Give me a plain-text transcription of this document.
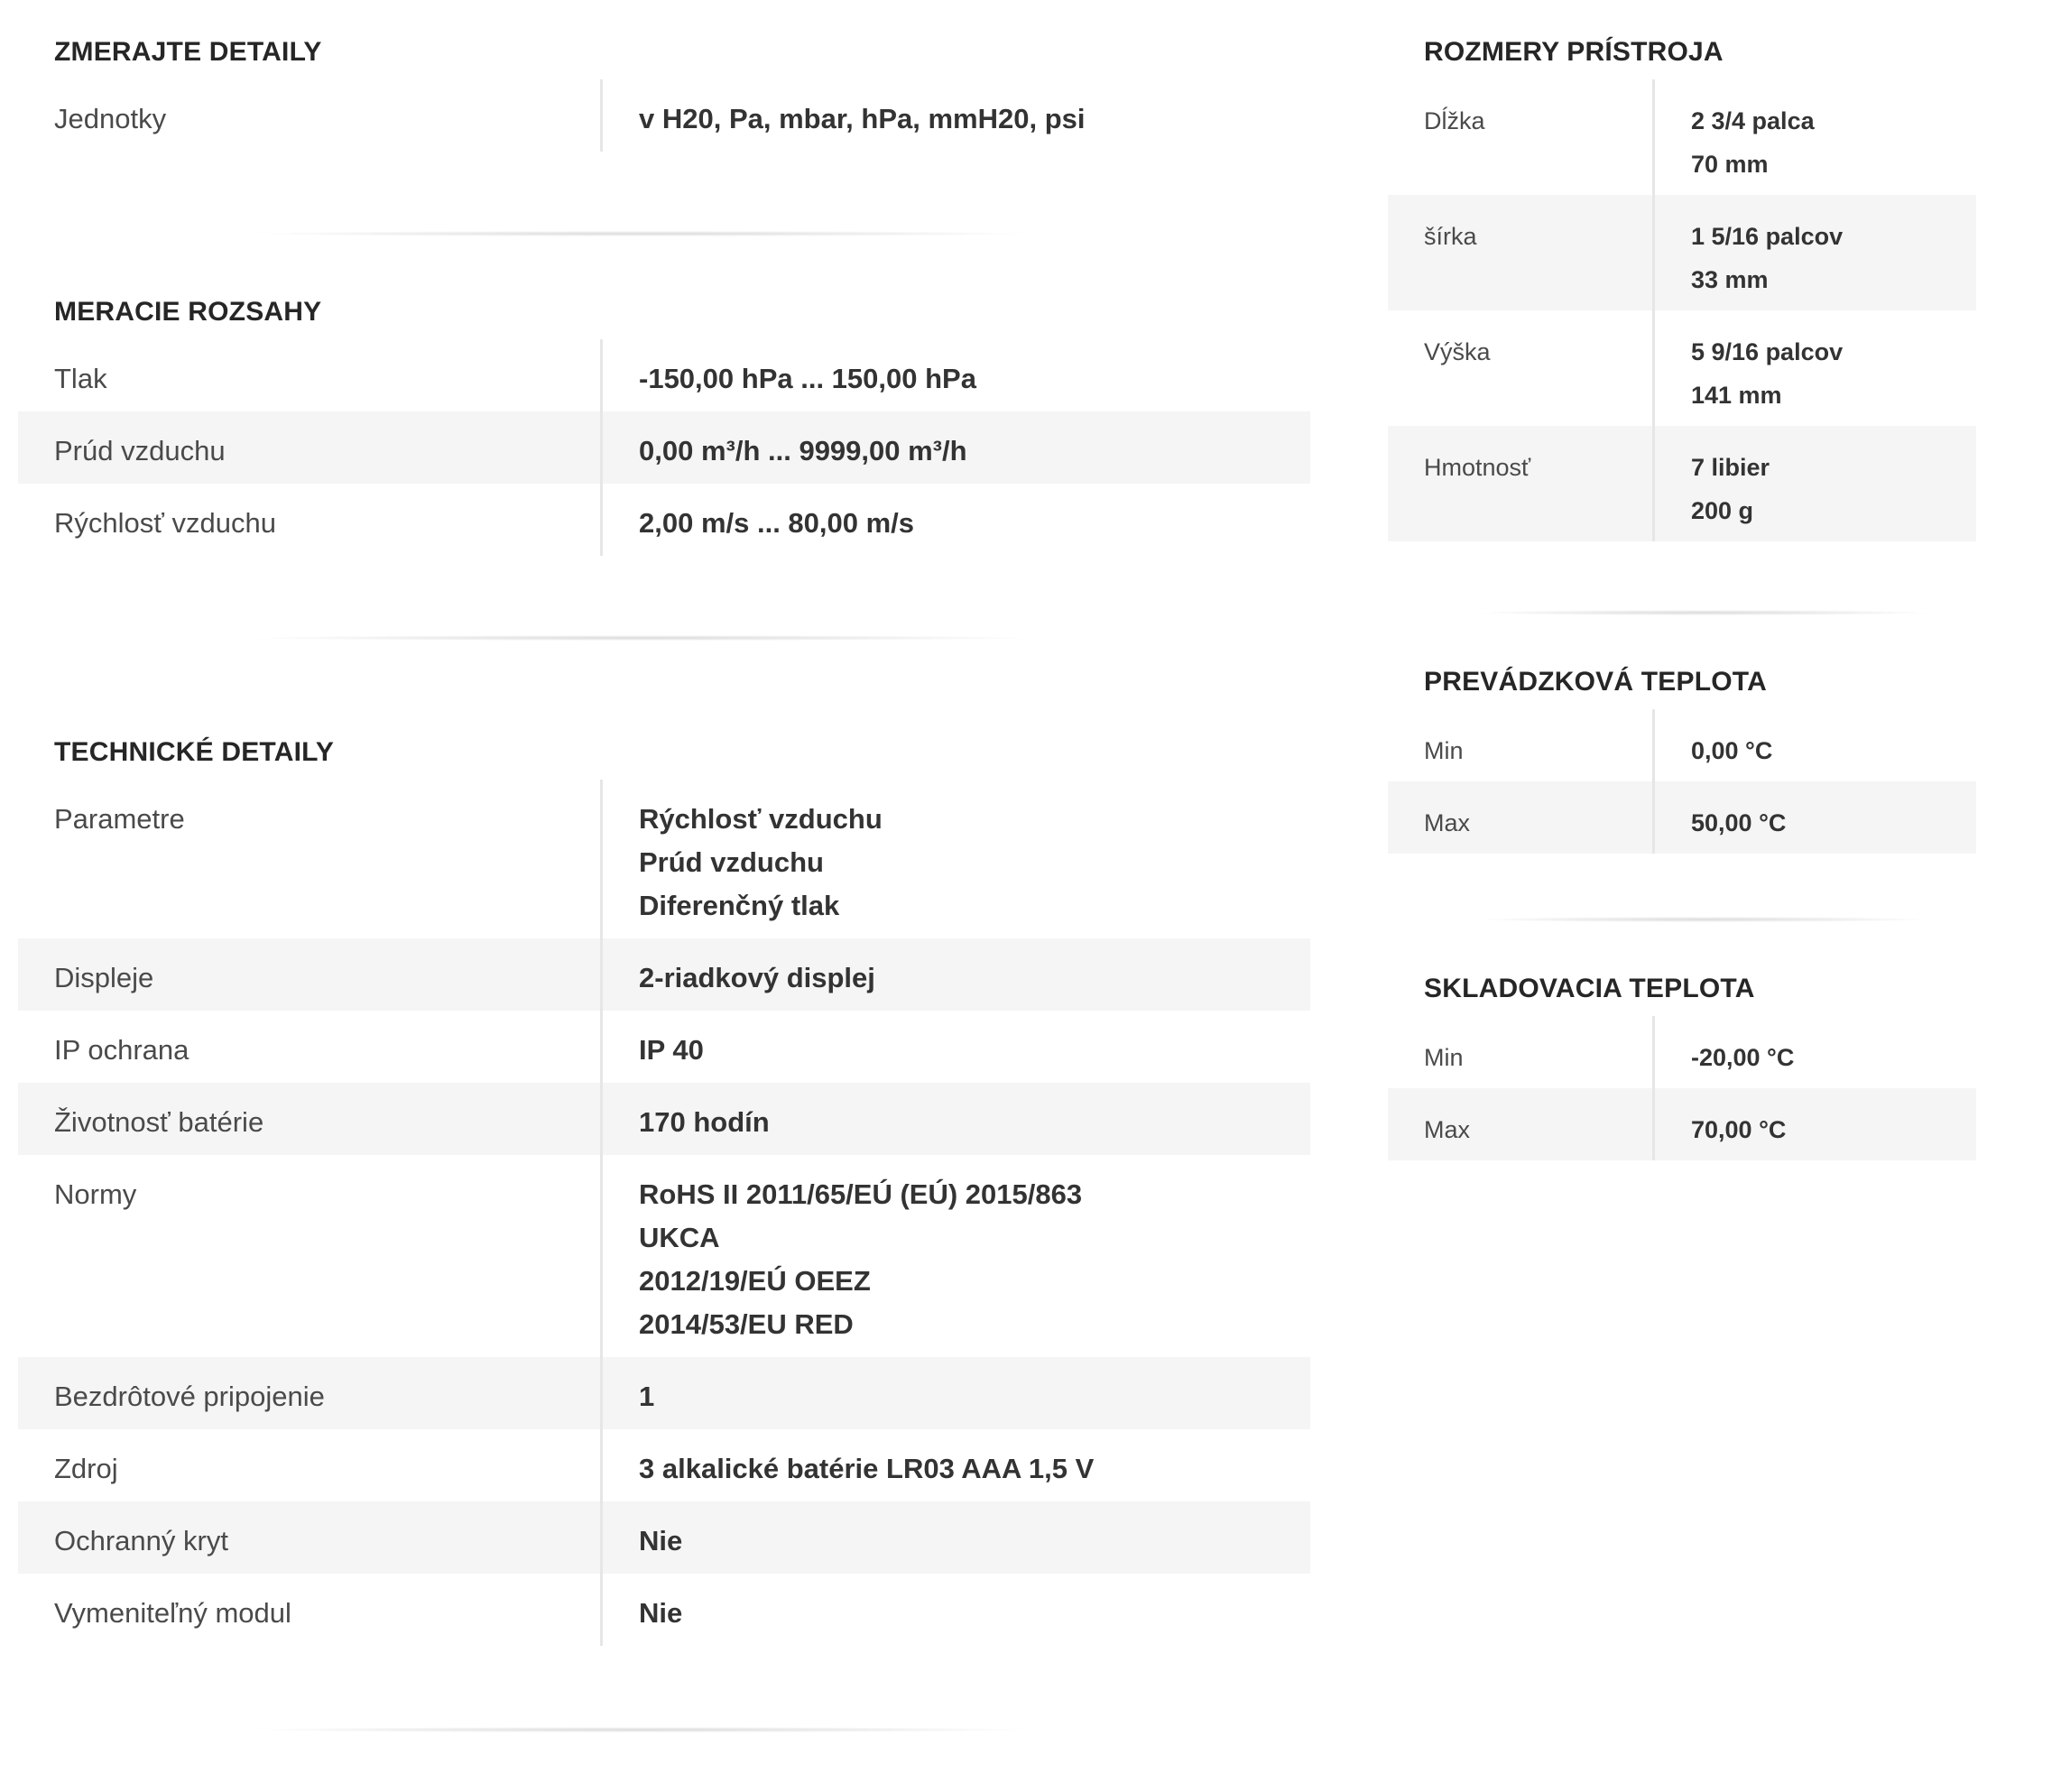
ZMERAJTE DETAILY
Jednotky	v H20, Pa, mbar, hPa, mmH20, psi
MERACIE ROZSAHY
Tlak	-150,00 hPa ... 150,00 hPa
Prúd vzduchu	0,00 m³/h ... 9999,00 m³/h
Rýchlosť vzduchu	2,00 m/s ... 80,00 m/s
TECHNICKÉ DETAILY
Parametre	Rýchlosť vzduchu
Prúd vzduchu
Diferenčný tlak
Displeje	2-riadkový displej
IP ochrana	IP 40
Životnosť batérie	170 hodín
Normy	RoHS II 2011/65/EÚ (EÚ) 2015/863
UKCA
2012/19/EÚ OEEZ
2014/53/EU RED
Bezdrôtové pripojenie	1
Zdroj	3 alkalické batérie LR03 AAA 1,5 V
Ochranný kryt	Nie
Vymeniteľný modul	Nie
ROZMERY PRÍSTROJA
Dĺžka	2 3/4 palca
70 mm
šírka	1 5/16 palcov
33 mm
Výška	5 9/16 palcov
141 mm
Hmotnosť	7 libier
200 g
PREVÁDZKOVÁ TEPLOTA
Min	0,00 °C
Max	50,00 °C
SKLADOVACIA TEPLOTA
Min	-20,00 °C
Max	70,00 °C
